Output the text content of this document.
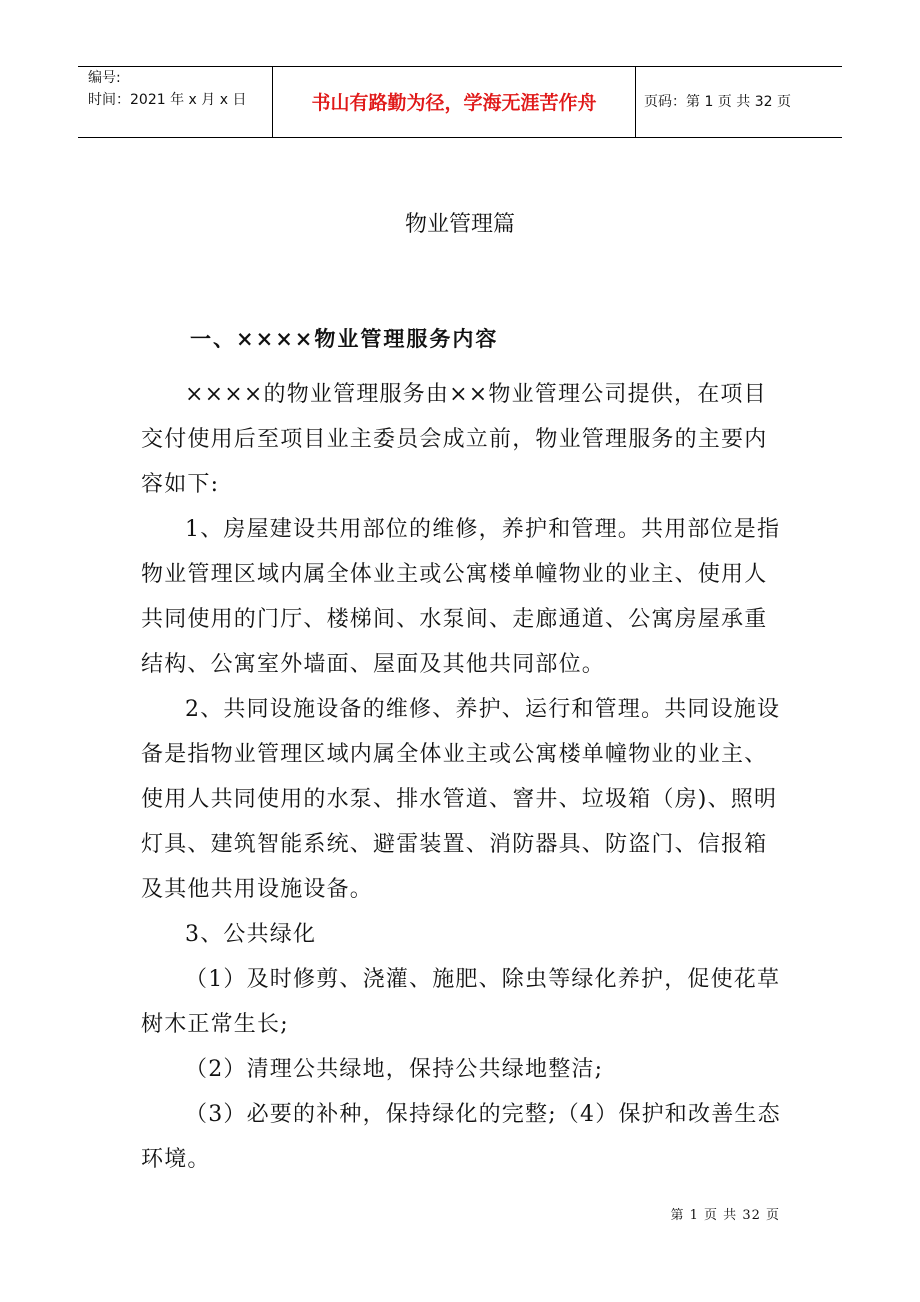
编号:
时间：2021 年 x 月 x 日	书山有路勤为径，学海无涯苦作舟	页码：第 1 页 共 32 页
物业管理篇
一、××××物业管理服务内容

××××的物业管理服务由××物业管理公司提供，在项目交付使用后至项目业主委员会成立前，物业管理服务的主要内容如下:

1、房屋建设共用部位的维修，养护和管理。共用部位是指物业管理区域内属全体业主或公寓楼单幢物业的业主、使用人共同使用的门厅、楼梯间、水泵间、走廊通道、公寓房屋承重结构、公寓室外墙面、屋面及其他共同部位。

2、共同设施设备的维修、养护、运行和管理。共同设施设备是指物业管理区域内属全体业主或公寓楼单幢物业的业主、使用人共同使用的水泵、排水管道、窨井、垃圾箱（房)、照明灯具、建筑智能系统、避雷装置、消防器具、防盗门、信报箱及其他共用设施设备。

3、公共绿化

（1）及时修剪、浇灌、施肥、除虫等绿化养护，促使花草树木正常生长;

（2）清理公共绿地，保持公共绿地整洁;

（3）必要的补种，保持绿化的完整;（4）保护和改善生态环境。

第 1 页 共 32 页
